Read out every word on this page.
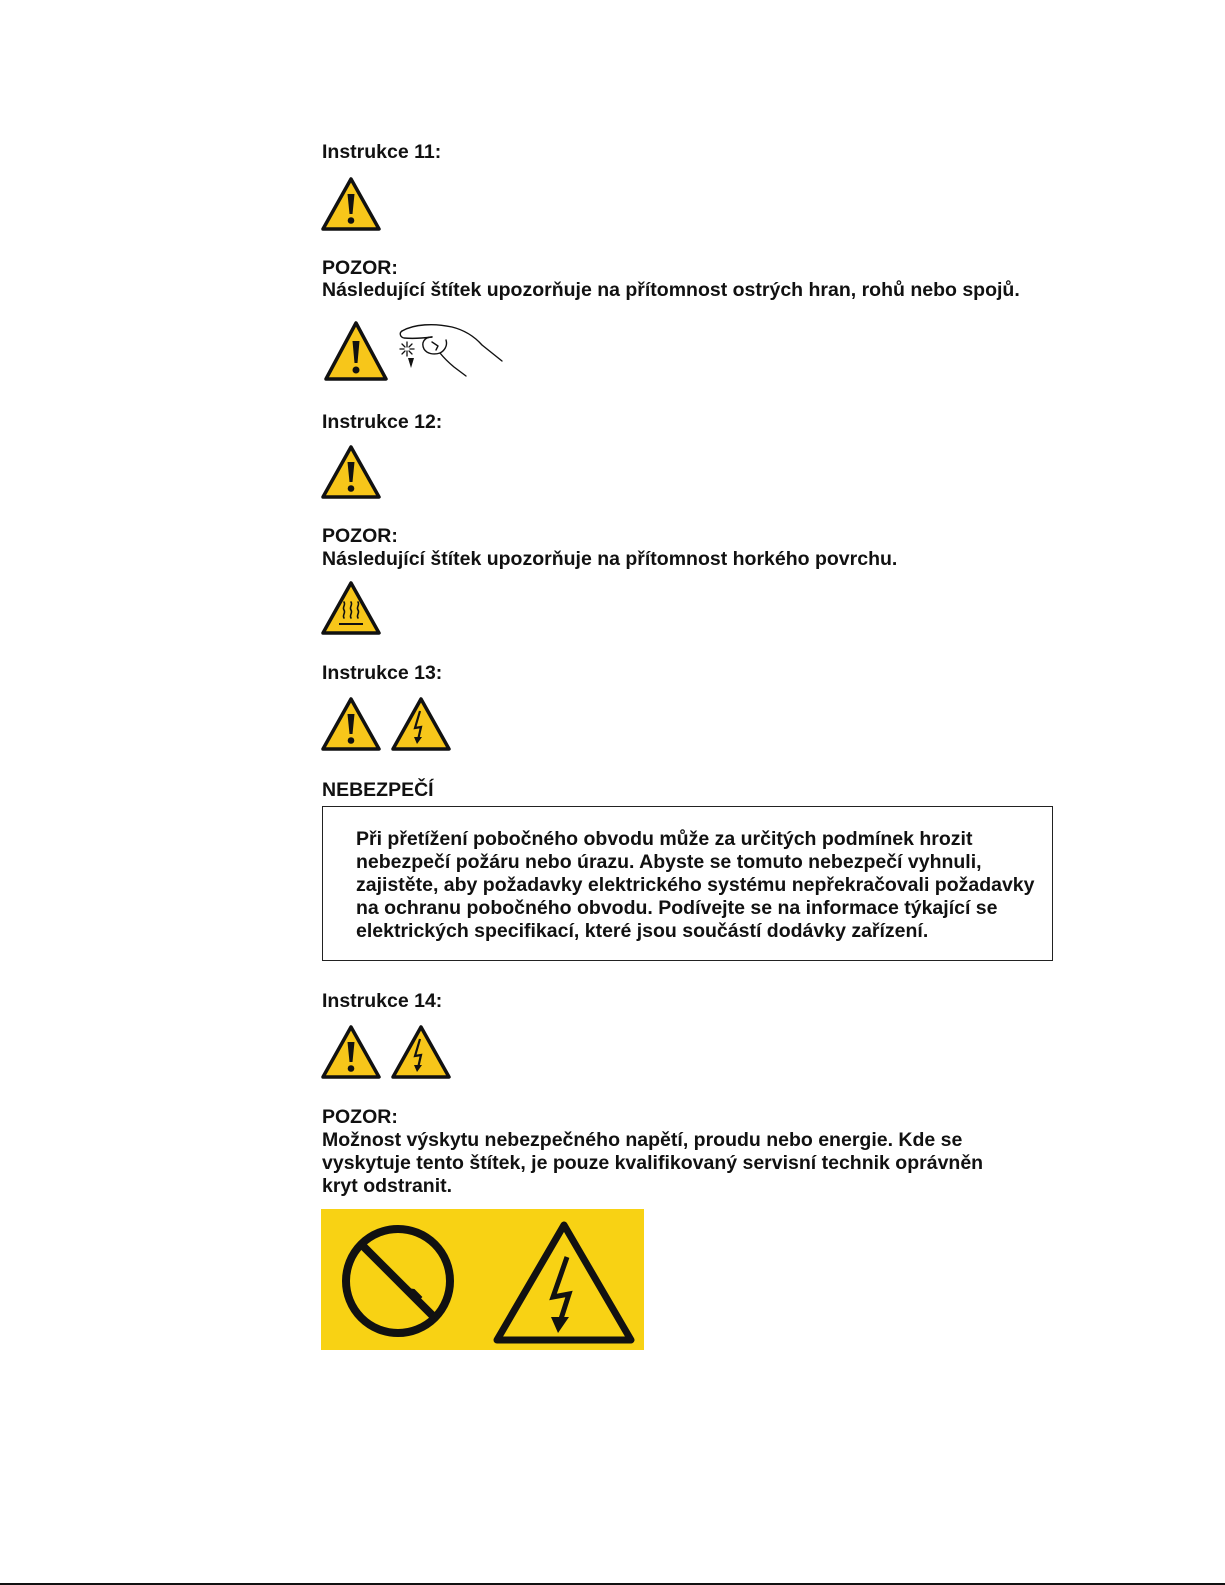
Instrukce 11:

POZOR:

Následující štítek upozorňuje na přítomnost ostrých hran, rohů nebo spojů.

Instrukce 12:

POZOR:

Následující štítek upozorňuje na přítomnost horkého povrchu.

Instrukce 13:

NEBEZPEČÍ

Při přetížení pobočného obvodu může za určitých podmínek hrozit

nebezpečí požáru nebo úrazu. Abyste se tomuto nebezpečí vyhnuli,

zajistěte, aby požadavky elektrického systému nepřekračovali požadavky

na ochranu pobočného obvodu. Podívejte se na informace týkající se

elektrických specifikací, které jsou součástí dodávky zařízení.

Instrukce 14:

POZOR:

Možnost výskytu nebezpečného napětí, proudu nebo energie. Kde se

vyskytuje tento štítek, je pouze kvalifikovaný servisní technik oprávněn

kryt odstranit.
